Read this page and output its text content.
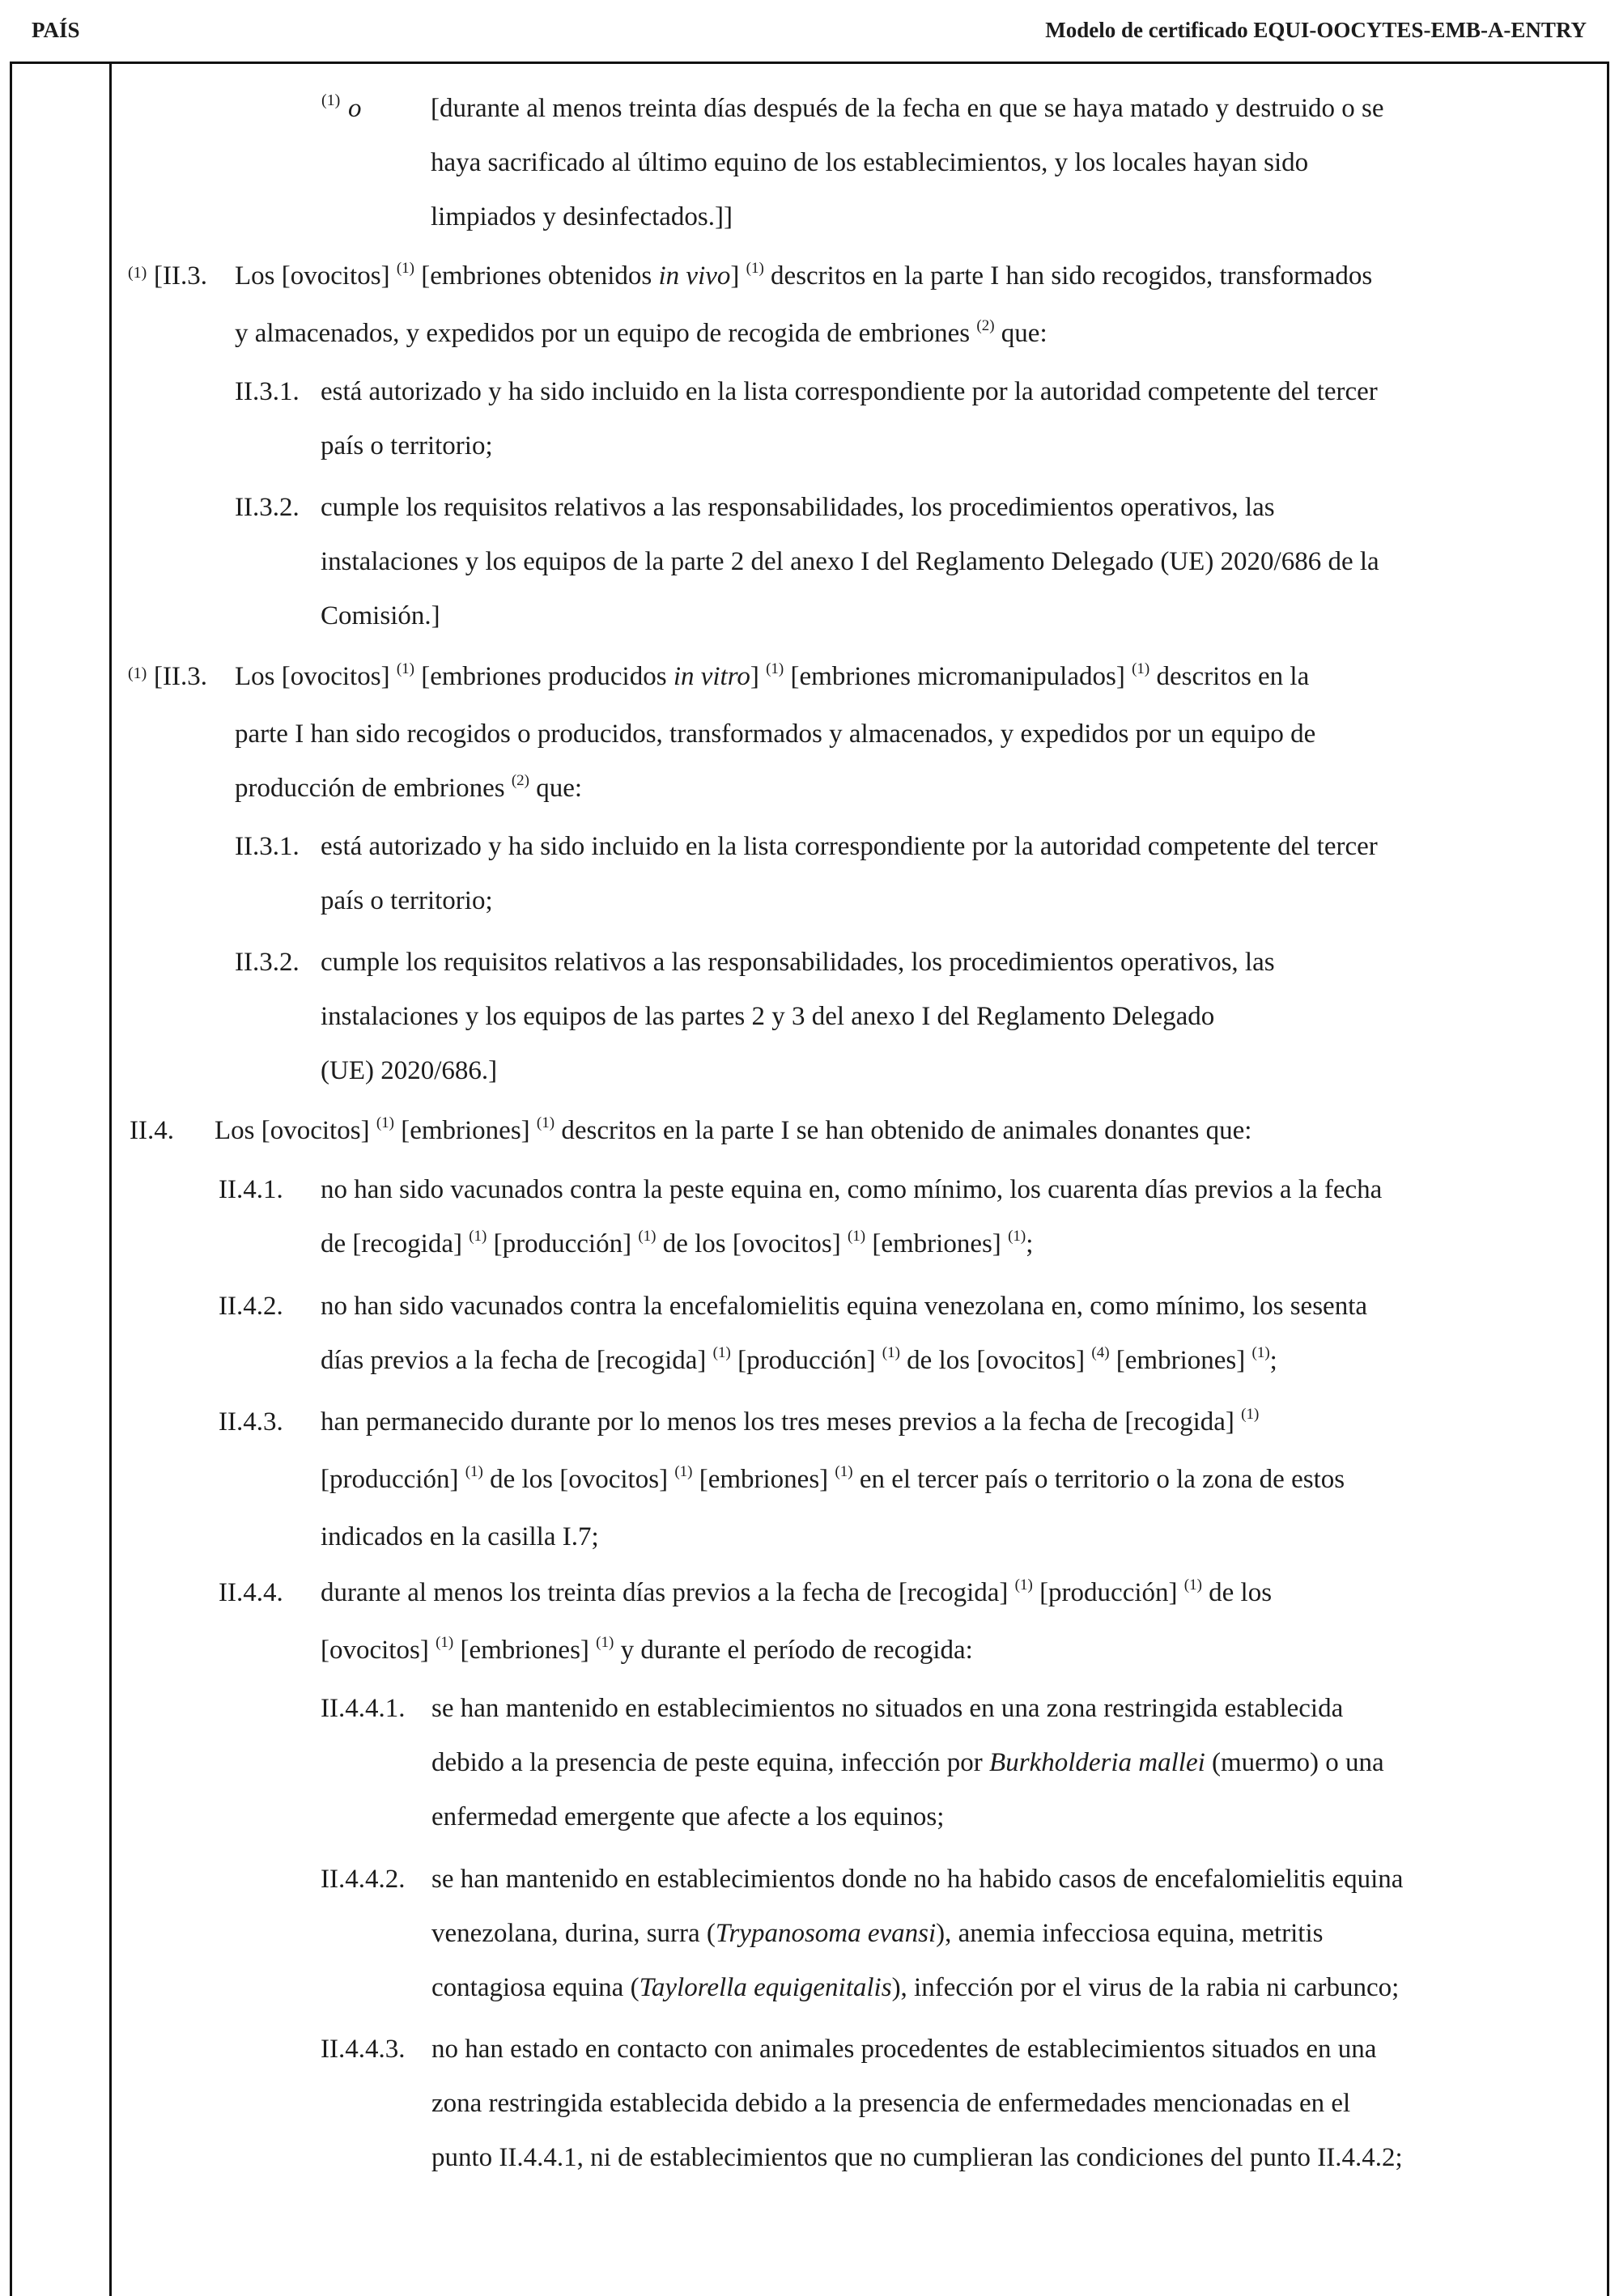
PAÍS	Modelo de certificado EQUI-OOCYTES-EMB-A-ENTRY
(1) o	[durante al menos treinta días después de la fecha en que se haya matado y destruido o se
haya sacrificado al último equino de los establecimientos, y los locales hayan sido
limpiados y desinfectados.]]
(1) [II.3. Los [ovocitos] $^{(1)}$ [embriones obtenidos in vivo] $^{(1)}$ descritos en la parte I han sido recogidos, transformados
y almacenados, y expedidos por un equipo de recogida de embriones $^{(2)}$ que:
II.3.1. está autorizado y ha sido incluido en la lista correspondiente por la autoridad competente del tercer
país o territorio;
II.3.2. cumple los requisitos relativos a las responsabilidades, los procedimientos operativos, las
instalaciones y los equipos de la parte 2 del anexo I del Reglamento Delegado (UE) 2020/686 de la
Comisión.]
(1) [II.3. Los [ovocitos] $^{(1)}$ [embriones producidos in vitro] $^{(1)}$ [embriones micromanipulados] $^{(1)}$ descritos en la
parte I han sido recogidos o producidos, transformados y almacenados, y expedidos por un equipo de
producción de embriones $^{(2)}$ que:
II.3.1. está autorizado y ha sido incluido en la lista correspondiente por la autoridad competente del tercer
país o territorio;
II.3.2. cumple los requisitos relativos a las responsabilidades, los procedimientos operativos, las
instalaciones y los equipos de las partes 2 y 3 del anexo I del Reglamento Delegado
(UE) 2020/686.]
II.4. Los [ovocitos] $^{(1)}$ [embriones] $^{(1)}$ descritos en la parte I se han obtenido de animales donantes que:
II.4.1. no han sido vacunados contra la peste equina en, como mínimo, los cuarenta días previos a la fecha
de [recogida] $^{(1)}$ [producción] $^{(1)}$ de los [ovocitos] $^{(1)}$ [embriones] $^{(1)}$;
II.4.2. no han sido vacunados contra la encefalomielitis equina venezolana en, como mínimo, los sesenta
días previos a la fecha de [recogida] $^{(1)}$ [producción] $^{(1)}$ de los [ovocitos] $^{(4)}$ [embriones] $^{(1)}$;
II.4.3. han permanecido durante por lo menos los tres meses previos a la fecha de [recogida] $^{(1)}$
[producción] $^{(1)}$ de los [ovocitos] $^{(1)}$ [embriones] $^{(1)}$ en el tercer país o territorio o la zona de estos
indicados en la casilla I.7;
II.4.4. durante al menos los treinta días previos a la fecha de [recogida] $^{(1)}$ [producción] $^{(1)}$ de los
[ovocitos] $^{(1)}$ [embriones] $^{(1)}$ y durante el período de recogida:
II.4.4.1. se han mantenido en establecimientos no situados en una zona restringida establecida
debido a la presencia de peste equina, infección por Burkholderia mallei (muermo) o una
enfermedad emergente que afecte a los equinos;
II.4.4.2. se han mantenido en establecimientos donde no ha habido casos de encefalomielitis equina
venezolana, durina, surra (Trypanosoma evansi), anemia infecciosa equina, metritis
contagiosa equina (Taylorella equigenitalis), infección por el virus de la rabia ni carbunco;
II.4.4.3. no han estado en contacto con animales procedentes de establecimientos situados en una
zona restringida establecida debido a la presencia de enfermedades mencionadas en el
punto II.4.4.1, ni de establecimientos que no cumplieran las condiciones del punto II.4.4.2;
